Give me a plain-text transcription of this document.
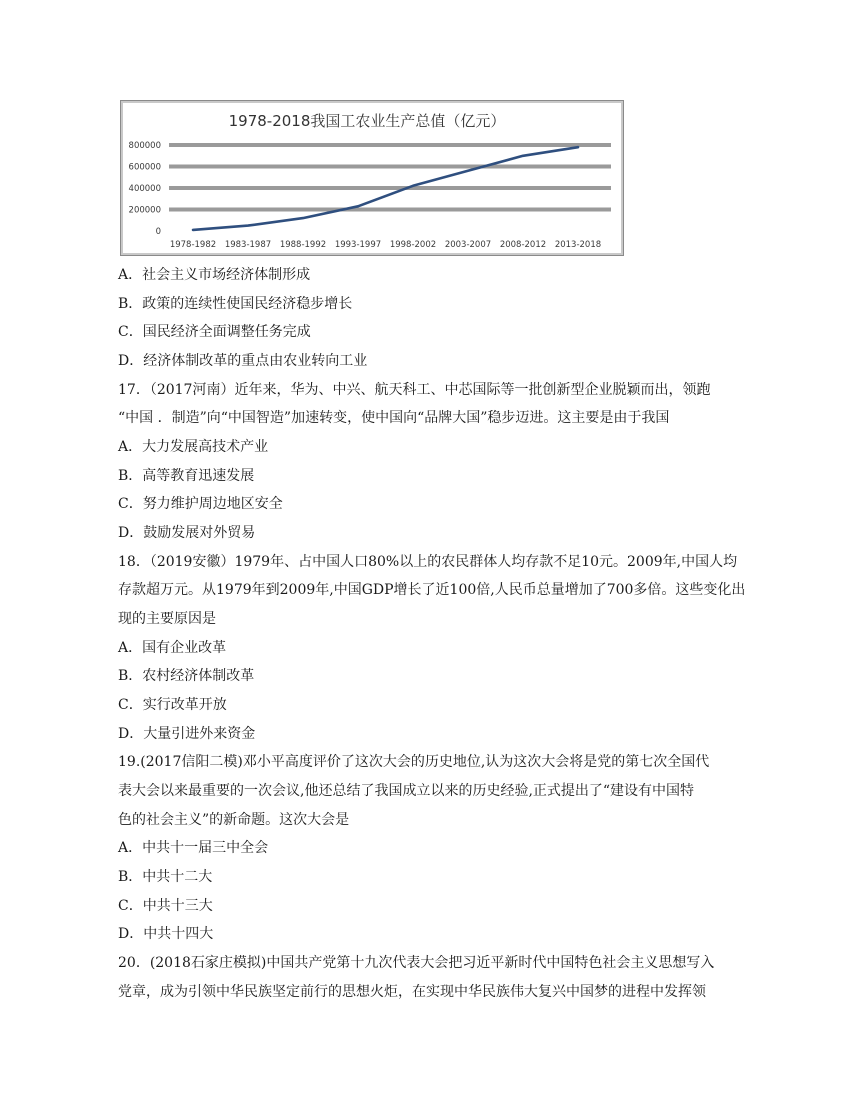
1978-2018我国工农业生产总值（亿元）
800000
600000
400000
200000
0
1978-1982 1983-1987 1988-1992 1993-1997 1998-2002 2003-2007 2008-2012 2013-2018
A．社会主义市场经济体制形成
B．政策的连续性使国民经济稳步增长
C．国民经济全面调整任务完成
D．经济体制改革的重点由农业转向工业
17．（2017河南）近年来，华为、中兴、航天科工、中芯国际等一批创新型企业脱颖而出，领跑
“中国 ．制造”向“中国智造”加速转变，使中国向“品牌大国”稳步迈进。这主要是由于我国
A．大力发展高技术产业
B．高等教育迅速发展
C．努力维护周边地区安全
D．鼓励发展对外贸易
18．（2019安徽）1979年、占中国人口80%以上的农民群体人均存款不足10元。2009年,中国人均
存款超万元。从1979年到2009年,中国GDP增长了近100倍,人民币总量增加了700多倍。这些变化出
现的主要原因是
A．国有企业改革
B．农村经济体制改革
C．实行改革开放
D．大量引进外来资金
19.(2017信阳二模)邓小平高度评价了这次大会的历史地位,认为这次大会将是党的第七次全国代
表大会以来最重要的一次会议,他还总结了我国成立以来的历史经验,正式提出了“建设有中国特
色的社会主义”的新命题。这次大会是
A．中共十一届三中全会
B．中共十二大
C．中共十三大
D．中共十四大
20．(2018石家庄模拟)中国共产党第十九次代表大会把习近平新时代中国特色社会主义思想写入
党章，成为引领中华民族坚定前行的思想火炬，在实现中华民族伟大复兴中国梦的进程中发挥领
